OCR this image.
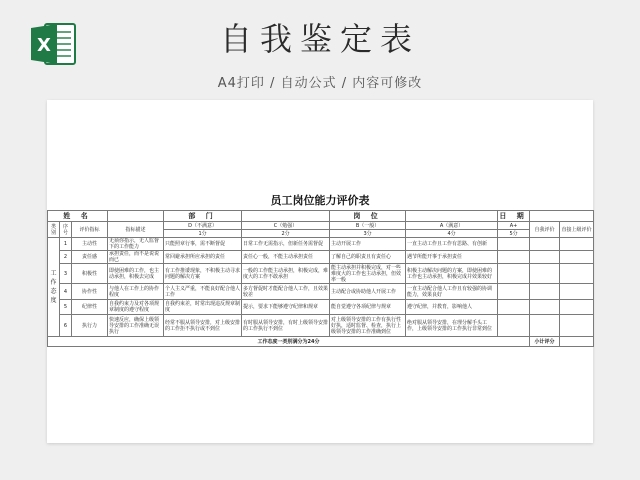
X	自我鉴定表
A4打印 / 自动公式 / 内容可修改
员工岗位能力评价表
姓 名				部 门		岗 位		日 期		
类别	序号	评价指标	指标描述	D（不满意）	C（勉强）	B（一般）	A（满意）	A+	自我评价	直接上级评价
				1分	2分	3分	4分	5分		
工作态度	1	主动性	无须你指示，无人监督下的工作能力	只能照章行事，需不断督促	日常工作无需指示，但新任务需督促	主动开展工作	一直主动工作且工作有思路、有创新			
	2	责任感	承担责任，而不是说说而已	常回避承担所应承担的责任	责任心一般，不能主动承担责任	了解自己的职责且有责任心	遇节所能开事于承担责任			
	3	积极性	即使困难的工作，也主动承担，积极去完成	有工作推诿现象，不积极主动寻求问题的解决方案	一般的工作能主动承担，积极完成，难度大的工作不敢承担	能主动承担并积极完成，对一些难度大的工作也主动承担，但效率一般	积极主动解决问题的方案，即使困难的工作也主动承担，积极完成并效果较好			
	4	协作性	与他人在工作上的协作程度	个人主义严重，不能良好配合他人工作	多方督促时才能配合他人工作，且效果较差	主动配合或协助他人开展工作	一直主动配合他人工作且有较强的协调能力，效果良好			
	5	纪律性	自我约束力及对各项规章制度的遵守程度	自我约束差，时常出现违反规章制度	提示，要求下能够遵守纪律和规章	能自觉遵守各项纪律与规章	遵守纪律，并教育，影响他人			
	6	执行力	快速反应，确保上级领导安排的工作准确无误执行	经常不服从领导安排，对上级安排的工作拒不执行或不到位	有时服从领导安排，有时上级领导安排的工作执行不到位	对上级领导安排的工作有执行性好执，适时监督、检查，执行上级领导安排的工作准确到位	绝对服从领导安排，在理分解手头工作，上级领导安排的工作执行非常到位			
工作态度一类别满分为24分									小计评分	
